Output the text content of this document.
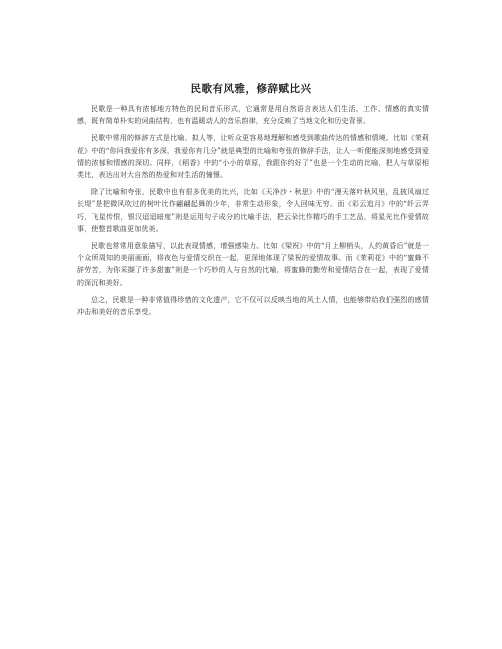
民歌有风雅，修辞赋比兴

民歌是一种具有浓郁地方特色的民间音乐形式，它通常是用自然语言表达人们生活、工作、情感的真实情感，既有简单朴实的词曲结构，也有温暖动人的音乐韵律，充分反映了当地文化和历史背景。

民歌中常用的修辞方式是比喻、拟人等，让听众更容易地理解和感受到歌曲传达的情感和情境。比如《茉莉花》中的“你问我爱你有多深，我爱你有几分”就是典型的比喻和夸张的修辞手法，让人一听便能深刻地感受到爱情的浓郁和情感的深切。同样，《稻香》中的“小小的草原，我跟你约好了”也是一个生动的比喻，把人与草原相类比，表达出对大自然的热爱和对生活的憧憬。

除了比喻和夸张，民歌中也有很多优美的比兴，比如《天净沙・秋思》中的“漫天落叶秋风里，乱披风扇过长堤”是把微风吹过的树叶比作翩翩起舞的少年，非常生动形象，令人回味无穷。而《彩云追月》中的“纤云弄巧，飞星传恨，银汉迢迢暗度”则是运用句子成分的比喻手法，把云朵比作精巧的手工艺品，将星光比作爱情故事，使整首歌曲更加优美。

民歌也常常用意象描写，以此表现情感，增强感染力。比如《梁祝》中的“月上柳梢头，人约黄昏后”就是一个众所周知的美丽画面，将夜色与爱情交织在一起，更深地体现了梁祝的爱情故事。而《茉莉花》中的“蜜蜂不辞劳苦，为你采撷了许多甜蜜”则是一个巧妙的人与自然的比喻，将蜜蜂的勤劳和爱情结合在一起，表现了爱情的深沉和美好。

总之，民歌是一种非常值得珍惜的文化遗产，它不仅可以反映当地的风土人情，也能够带给我们强烈的感情冲击和美好的音乐享受。
